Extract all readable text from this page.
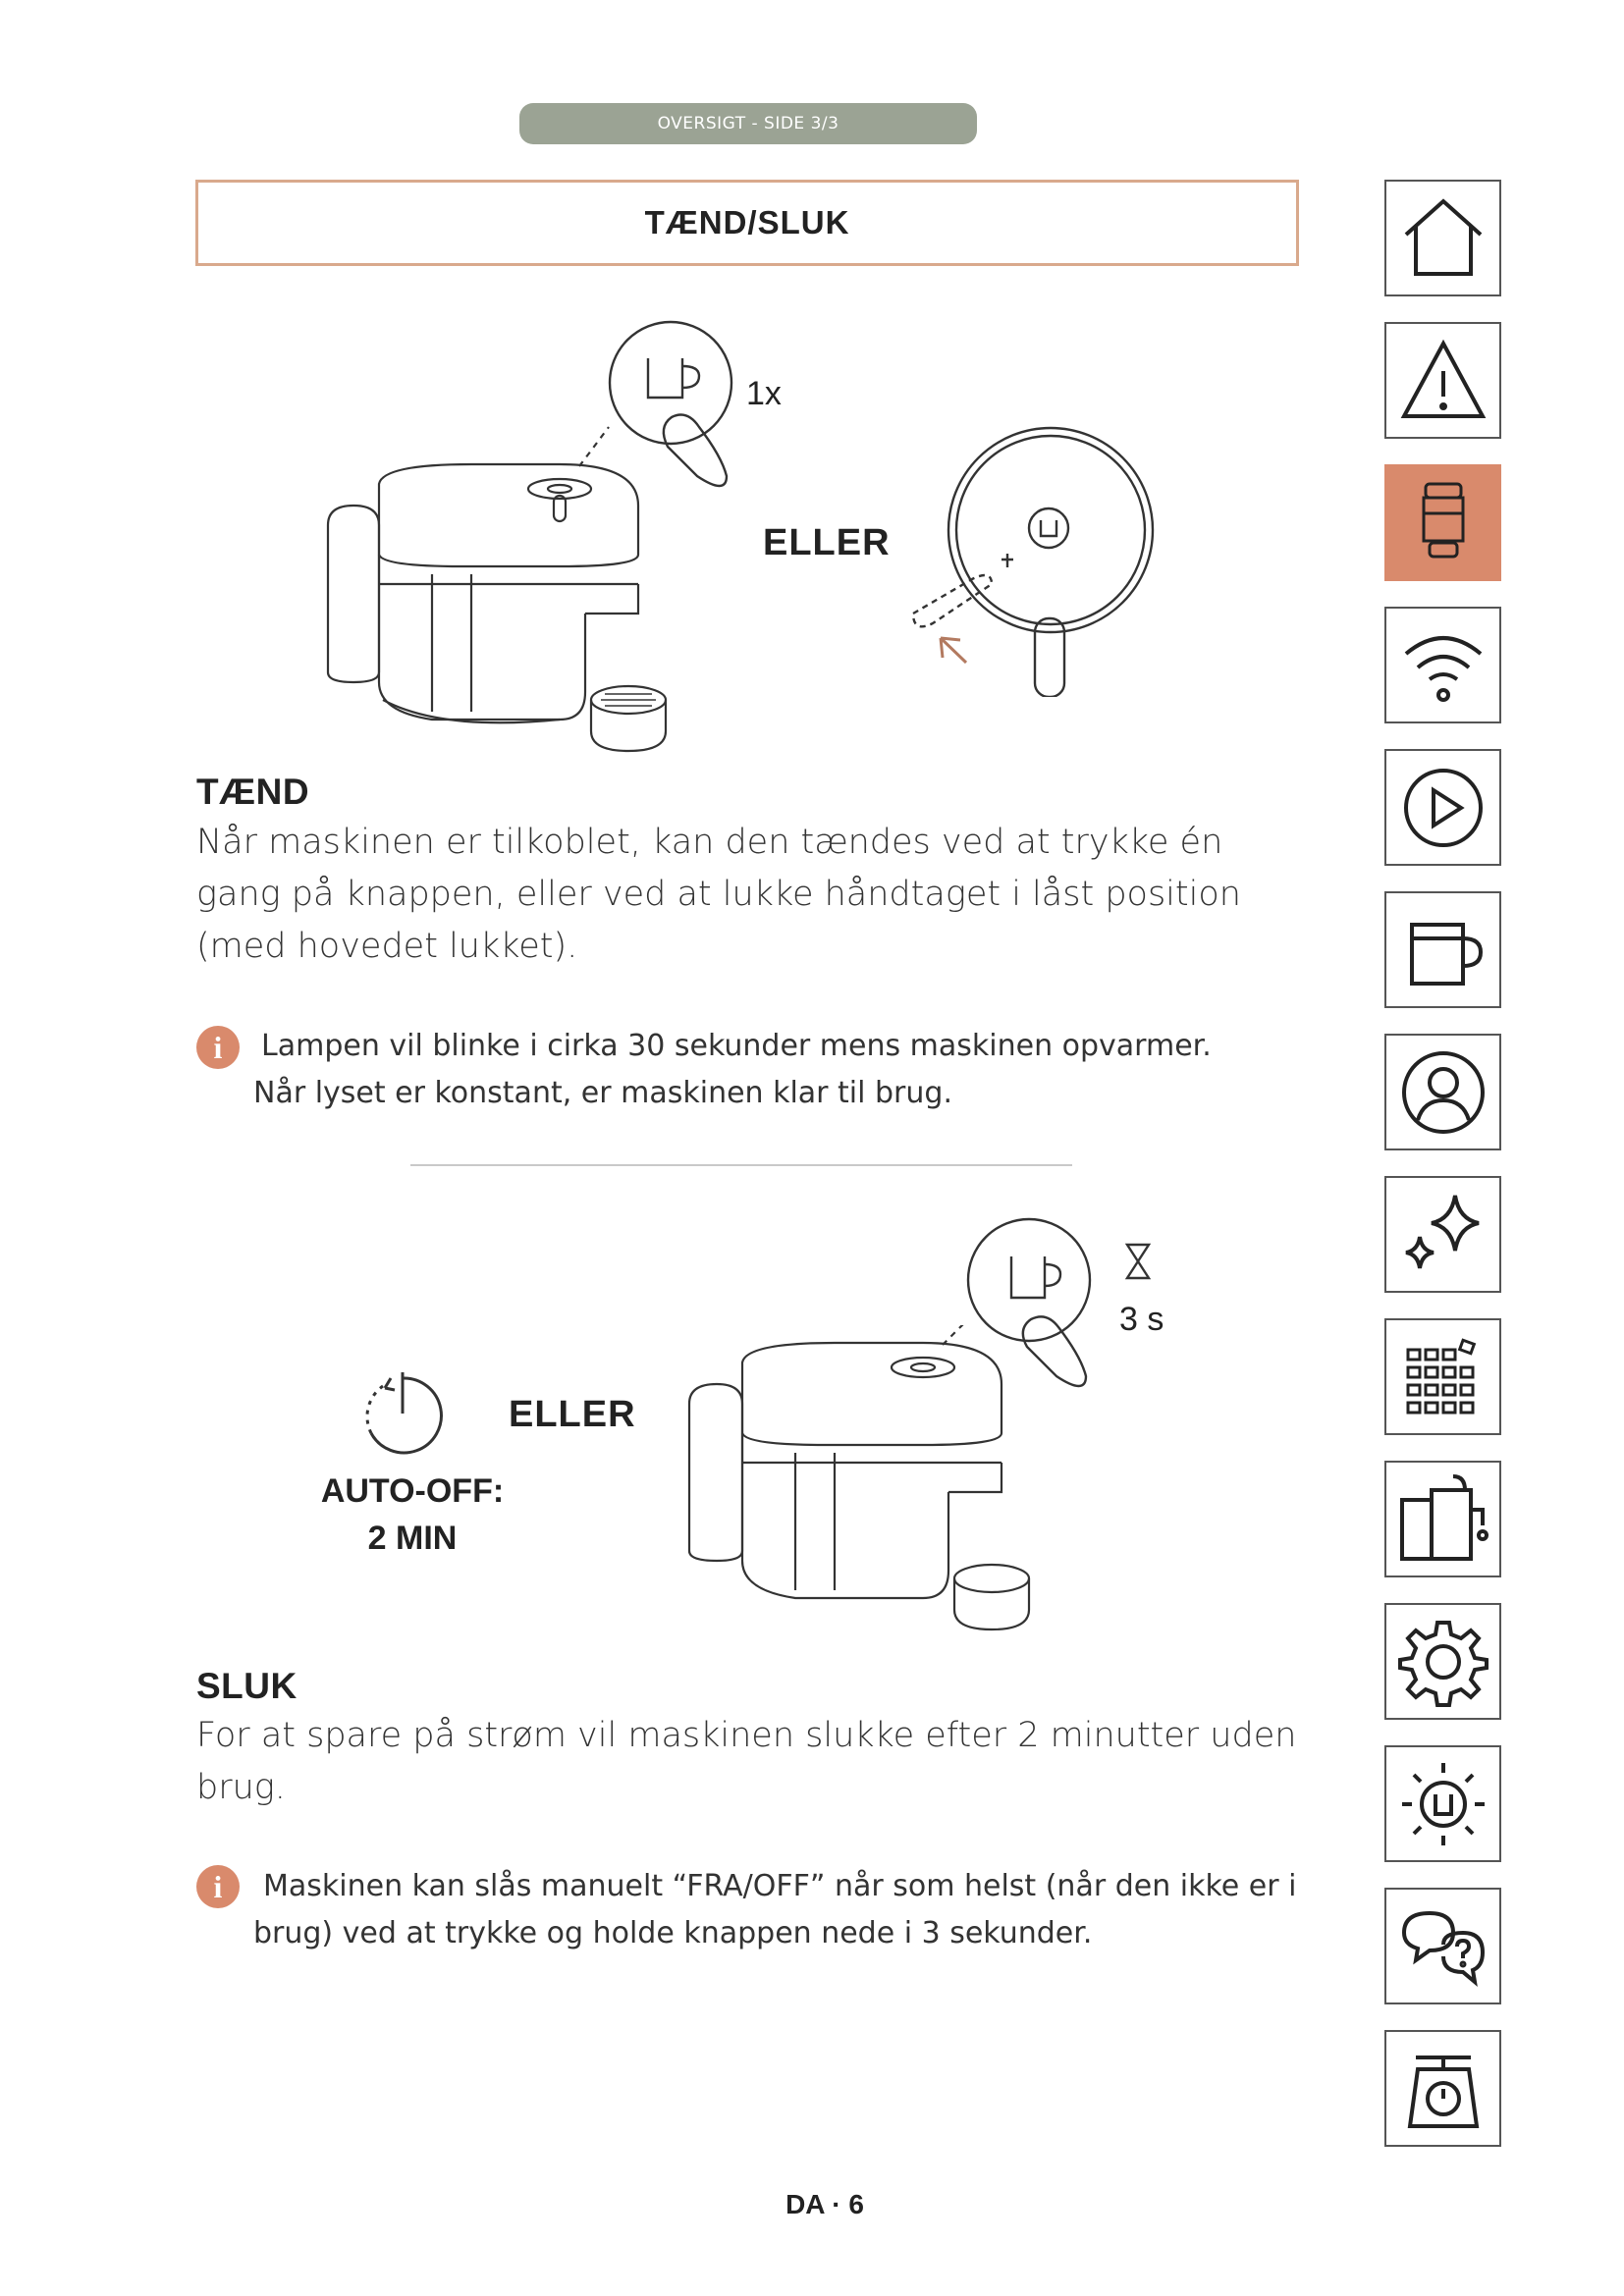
OVERSIGT - SIDE 3/3
TÆND/SLUK
1x
ELLER
TÆND
Når maskinen er tilkoblet, kan den tændes ved at trykke én
gang på knappen, eller ved at lukke håndtaget i låst position
(med hovedet lukket).
i	Lampen vil blinke i cirka 30 sekunder mens maskinen opvarmer.
Når lyset er konstant, er maskinen klar til brug.
ELLER
AUTO-OFF:
2 MIN
3 s
SLUK
For at spare på strøm vil maskinen slukke efter 2 minutter uden
brug.
i	Maskinen kan slås manuelt “FRA/OFF” når som helst (når den ikke er i
brug) ved at trykke og holde knappen nede i 3 sekunder.
DA · 6
